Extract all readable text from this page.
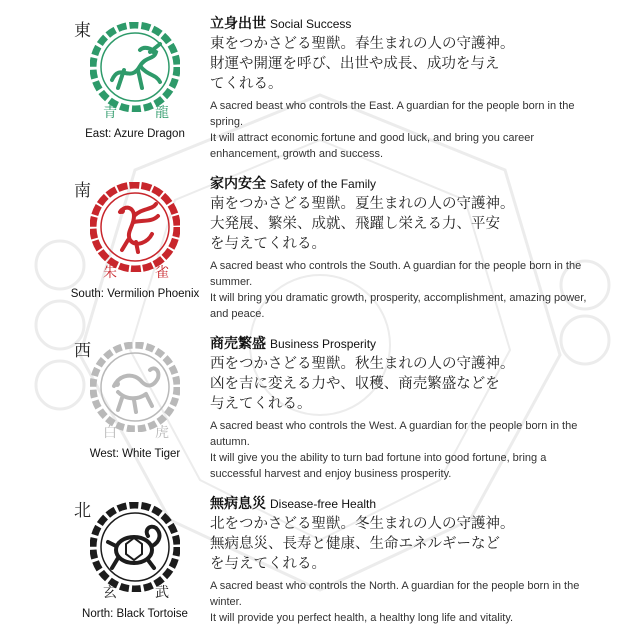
東
青	龍
East: Azure Dragon
立身出世 Social Success
東をつかさどる聖獣。春生まれの人の守護神。
財運や開運を呼び、出世や成長、成功を与え
てくれる。

A sacred beast who controls the East. A guardian for the people born in the spring.

It will attract economic fortune and good luck, and bring you career enhancement, growth and success.

南
朱	雀
South: Vermilion Phoenix
家内安全 Safety of the Family
南をつかさどる聖獣。夏生まれの人の守護神。
大発展、繁栄、成就、飛躍し栄える力、平安
を与えてくれる。

A sacred beast who controls the South. A guardian for the people born in the summer.

It will bring you dramatic growth, prosperity, accomplishment, amazing power, and peace.

西
白	虎
West: White Tiger
商売繁盛 Business Prosperity
西をつかさどる聖獣。秋生まれの人の守護神。
凶を吉に変える力や、収穫、商売繁盛などを
与えてくれる。

A sacred beast who controls the West. A guardian for the people born in the autumn.

It will give you the ability to turn bad fortune into good fortune, bring a successful harvest and enjoy business prosperity.

北
玄	武
North: Black Tortoise
無病息災 Disease-free Health
北をつかさどる聖獣。冬生まれの人の守護神。
無病息災、長寿と健康、生命エネルギーなど
を与えてくれる。

A sacred beast who controls the North. A guardian for the people born in the winter.

It will provide you perfect health, a healthy long life and vitality.
